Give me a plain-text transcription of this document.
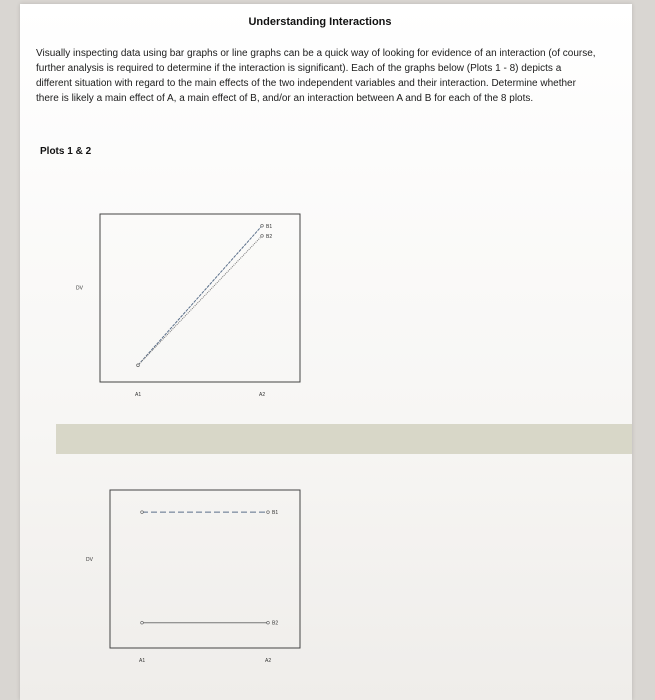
Understanding Interactions
Visually inspecting data using bar graphs or line graphs can be a quick way of looking for evidence of an interaction (of course, further analysis is required to determine if the interaction is significant). Each of the graphs below (Plots 1 - 8) depicts a different situation with regard to the main effects of the two independent variables and their interaction. Determine whether there is likely a main effect of A, a main effect of B, and/or an interaction between A and B for each of the 8 plots.
Plots 1 & 2
DV
A1	A2
B1
B2
DV
A1	A2
B1
B2
